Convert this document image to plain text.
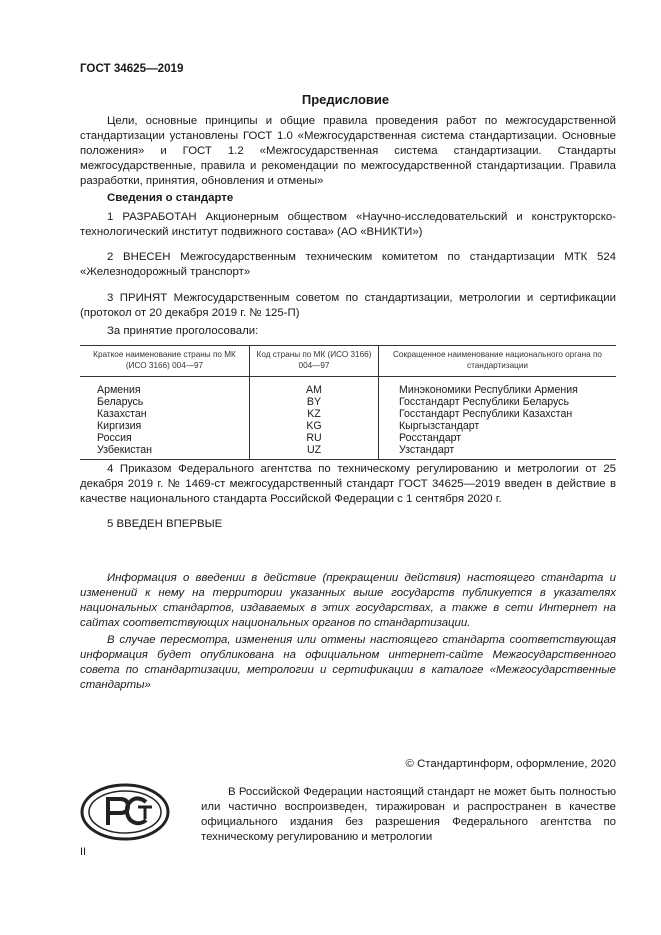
ГОСТ 34625—2019
Предисловие
Цели, основные принципы и общие правила проведения работ по межгосударственной стандартизации установлены ГОСТ 1.0 «Межгосударственная система стандартизации. Основные положения» и ГОСТ 1.2 «Межгосударственная система стандартизации. Стандарты межгосударственные, правила и рекомендации по межгосударственной стандартизации. Правила разработки, принятия, обновления и отмены»
Сведения о стандарте
1 РАЗРАБОТАН Акционерным обществом «Научно-исследовательский и конструкторско-технологический институт подвижного состава» (АО «ВНИКТИ»)
2 ВНЕСЕН Межгосударственным техническим комитетом по стандартизации МТК 524 «Железнодорожный транспорт»
3 ПРИНЯТ Межгосударственным советом по стандартизации, метрологии и сертификации (протокол от 20 декабря 2019 г. № 125-П)
За принятие проголосовали:
Краткое наименование страны по МК (ИСО 3166) 004—97	Код страны по МК (ИСО 3166) 004—97	Сокращенное наименование национального органа по стандартизации
Армения	AM	Минэкономики Республики Армения
Беларусь	BY	Госстандарт Республики Беларусь
Казахстан	KZ	Госстандарт Республики Казахстан
Киргизия	KG	Кыргызстандарт
Россия	RU	Росстандарт
Узбекистан	UZ	Узстандарт
4 Приказом Федерального агентства по техническому регулированию и метрологии от 25 декабря 2019 г. № 1469-ст межгосударственный стандарт ГОСТ 34625—2019 введен в действие в качестве национального стандарта Российской Федерации с 1 сентября 2020 г.
5 ВВЕДЕН ВПЕРВЫЕ
Информация о введении в действие (прекращении действия) настоящего стандарта и изменений к нему на территории указанных выше государств публикуется в указателях национальных стандартов, издаваемых в этих государствах, а также в сети Интернет на сайтах соответствующих национальных органов по стандартизации.
В случае пересмотра, изменения или отмены настоящего стандарта соответствующая информация будет опубликована на официальном интернет-сайте Межгосударственного совета по стандартизации, метрологии и сертификации в каталоге «Межгосударственные стандарты»
© Стандартинформ, оформление, 2020
В Российской Федерации настоящий стандарт не может быть полностью или частично воспроизведен, тиражирован и распространен в качестве официального издания без разрешения Федерального агентства по техническому регулированию и метрологии
II
